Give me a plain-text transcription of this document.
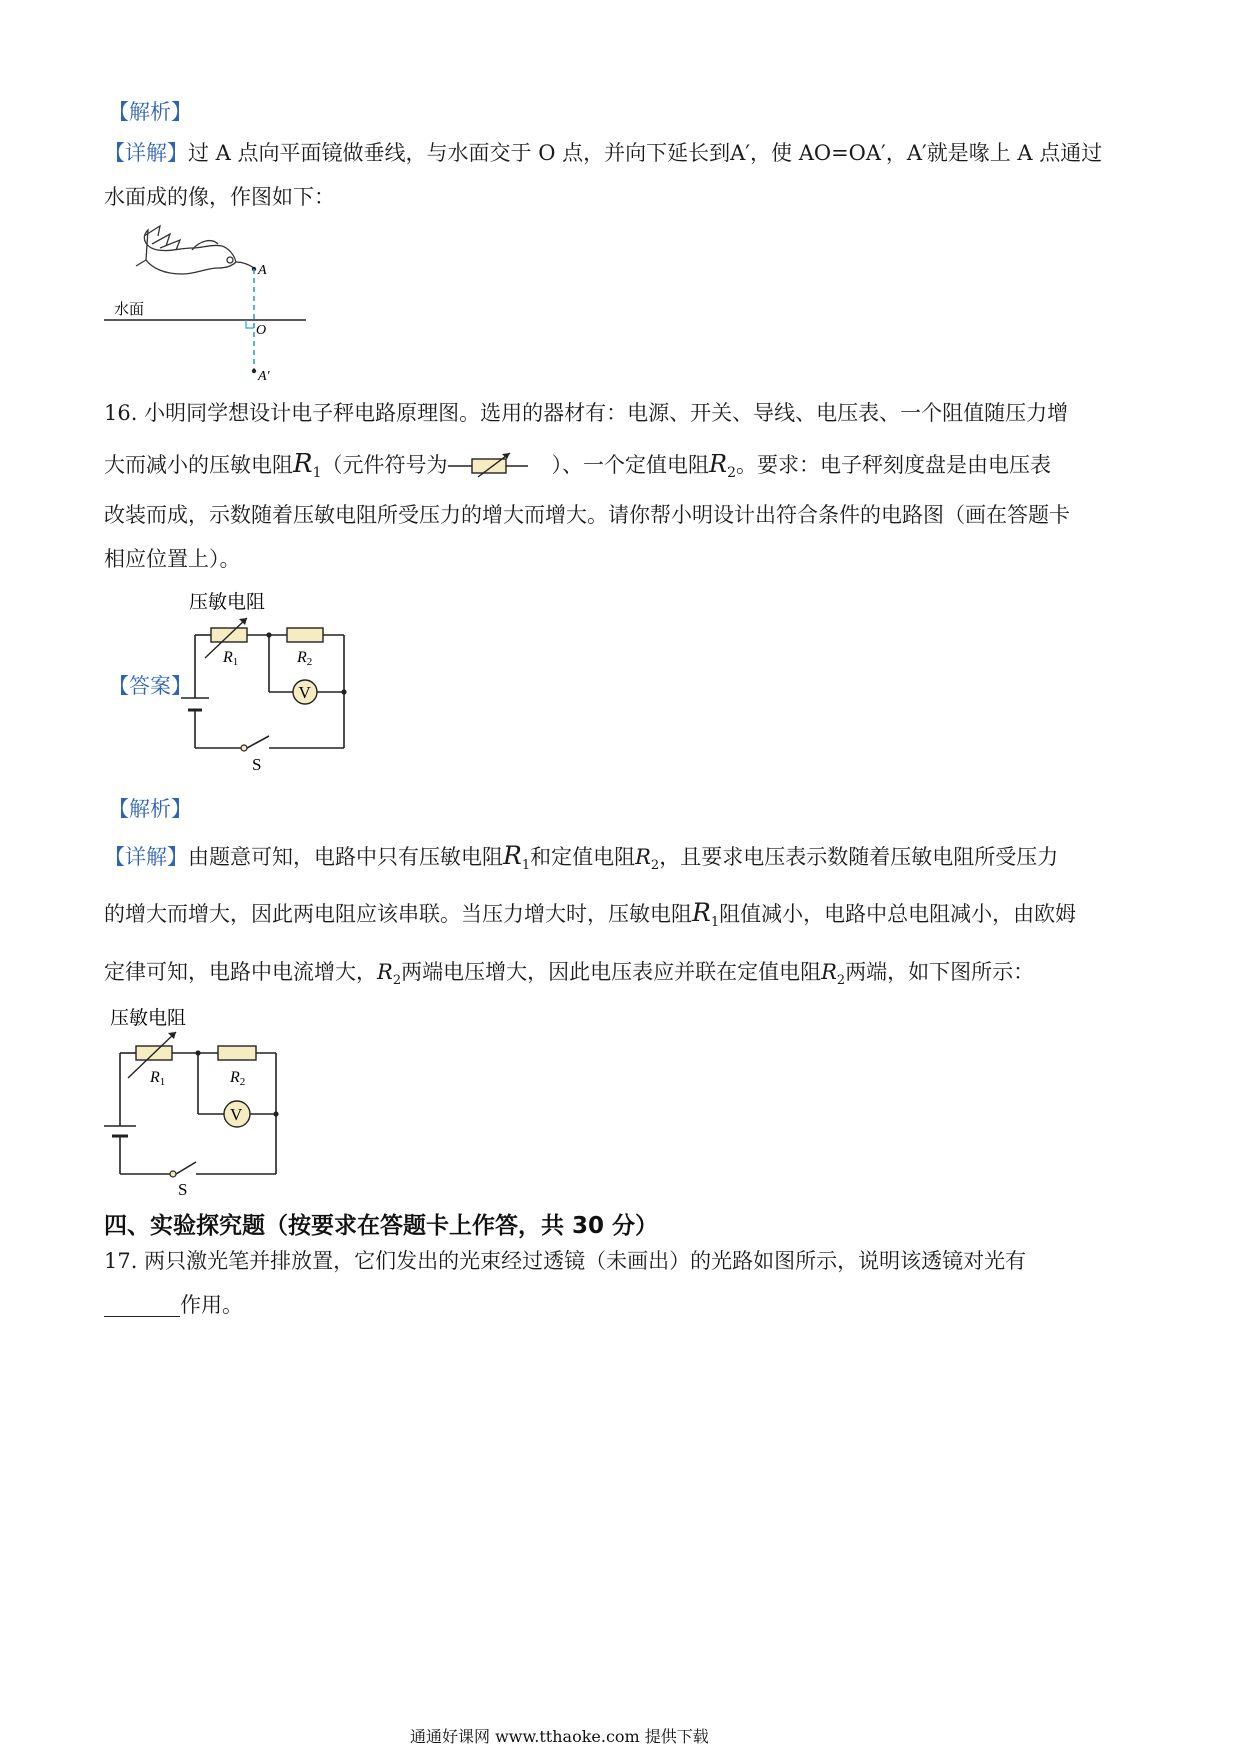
【解析】
【详解】过 A 点向平面镜做垂线，与水面交于 O 点，并向下延长到A′，使 AO=OA′，A′就是喙上 A 点通过
水面成的像，作图如下：
A
水面
O
A′
16. 小明同学想设计电子秤电路原理图。选用的器材有：电源、开关、导线、电压表、一个阻值随压力增
大而减小的压敏电阻$R_1$（元件符号为	）、一个定值电阻$R_2$。要求：电子秤刻度盘是由电压表
改装而成，示数随着压敏电阻所受压力的增大而增大。请你帮小明设计出符合条件的电路图（画在答题卡
相应位置上）。
【答案】
压敏电阻
R1	R2
V
S
【解析】
【详解】由题意可知，电路中只有压敏电阻$R_1$和定值电阻$R_2$，且要求电压表示数随着压敏电阻所受压力
的增大而增大，因此两电阻应该串联。当压力增大时，压敏电阻$R_1$阻值减小，电路中总电阻减小，由欧姆
定律可知，电路中电流增大，$R_2$两端电压增大，因此电压表应并联在定值电阻$R_2$两端，如下图所示：
压敏电阻
R1	R2
V
S
四、实验探究题（按要求在答题卡上作答，共 30 分）
17. 两只激光笔并排放置，它们发出的光束经过透镜（未画出）的光路如图所示，说明该透镜对光有
作用。
通通好课网 www.tthaoke.com 提供下载
